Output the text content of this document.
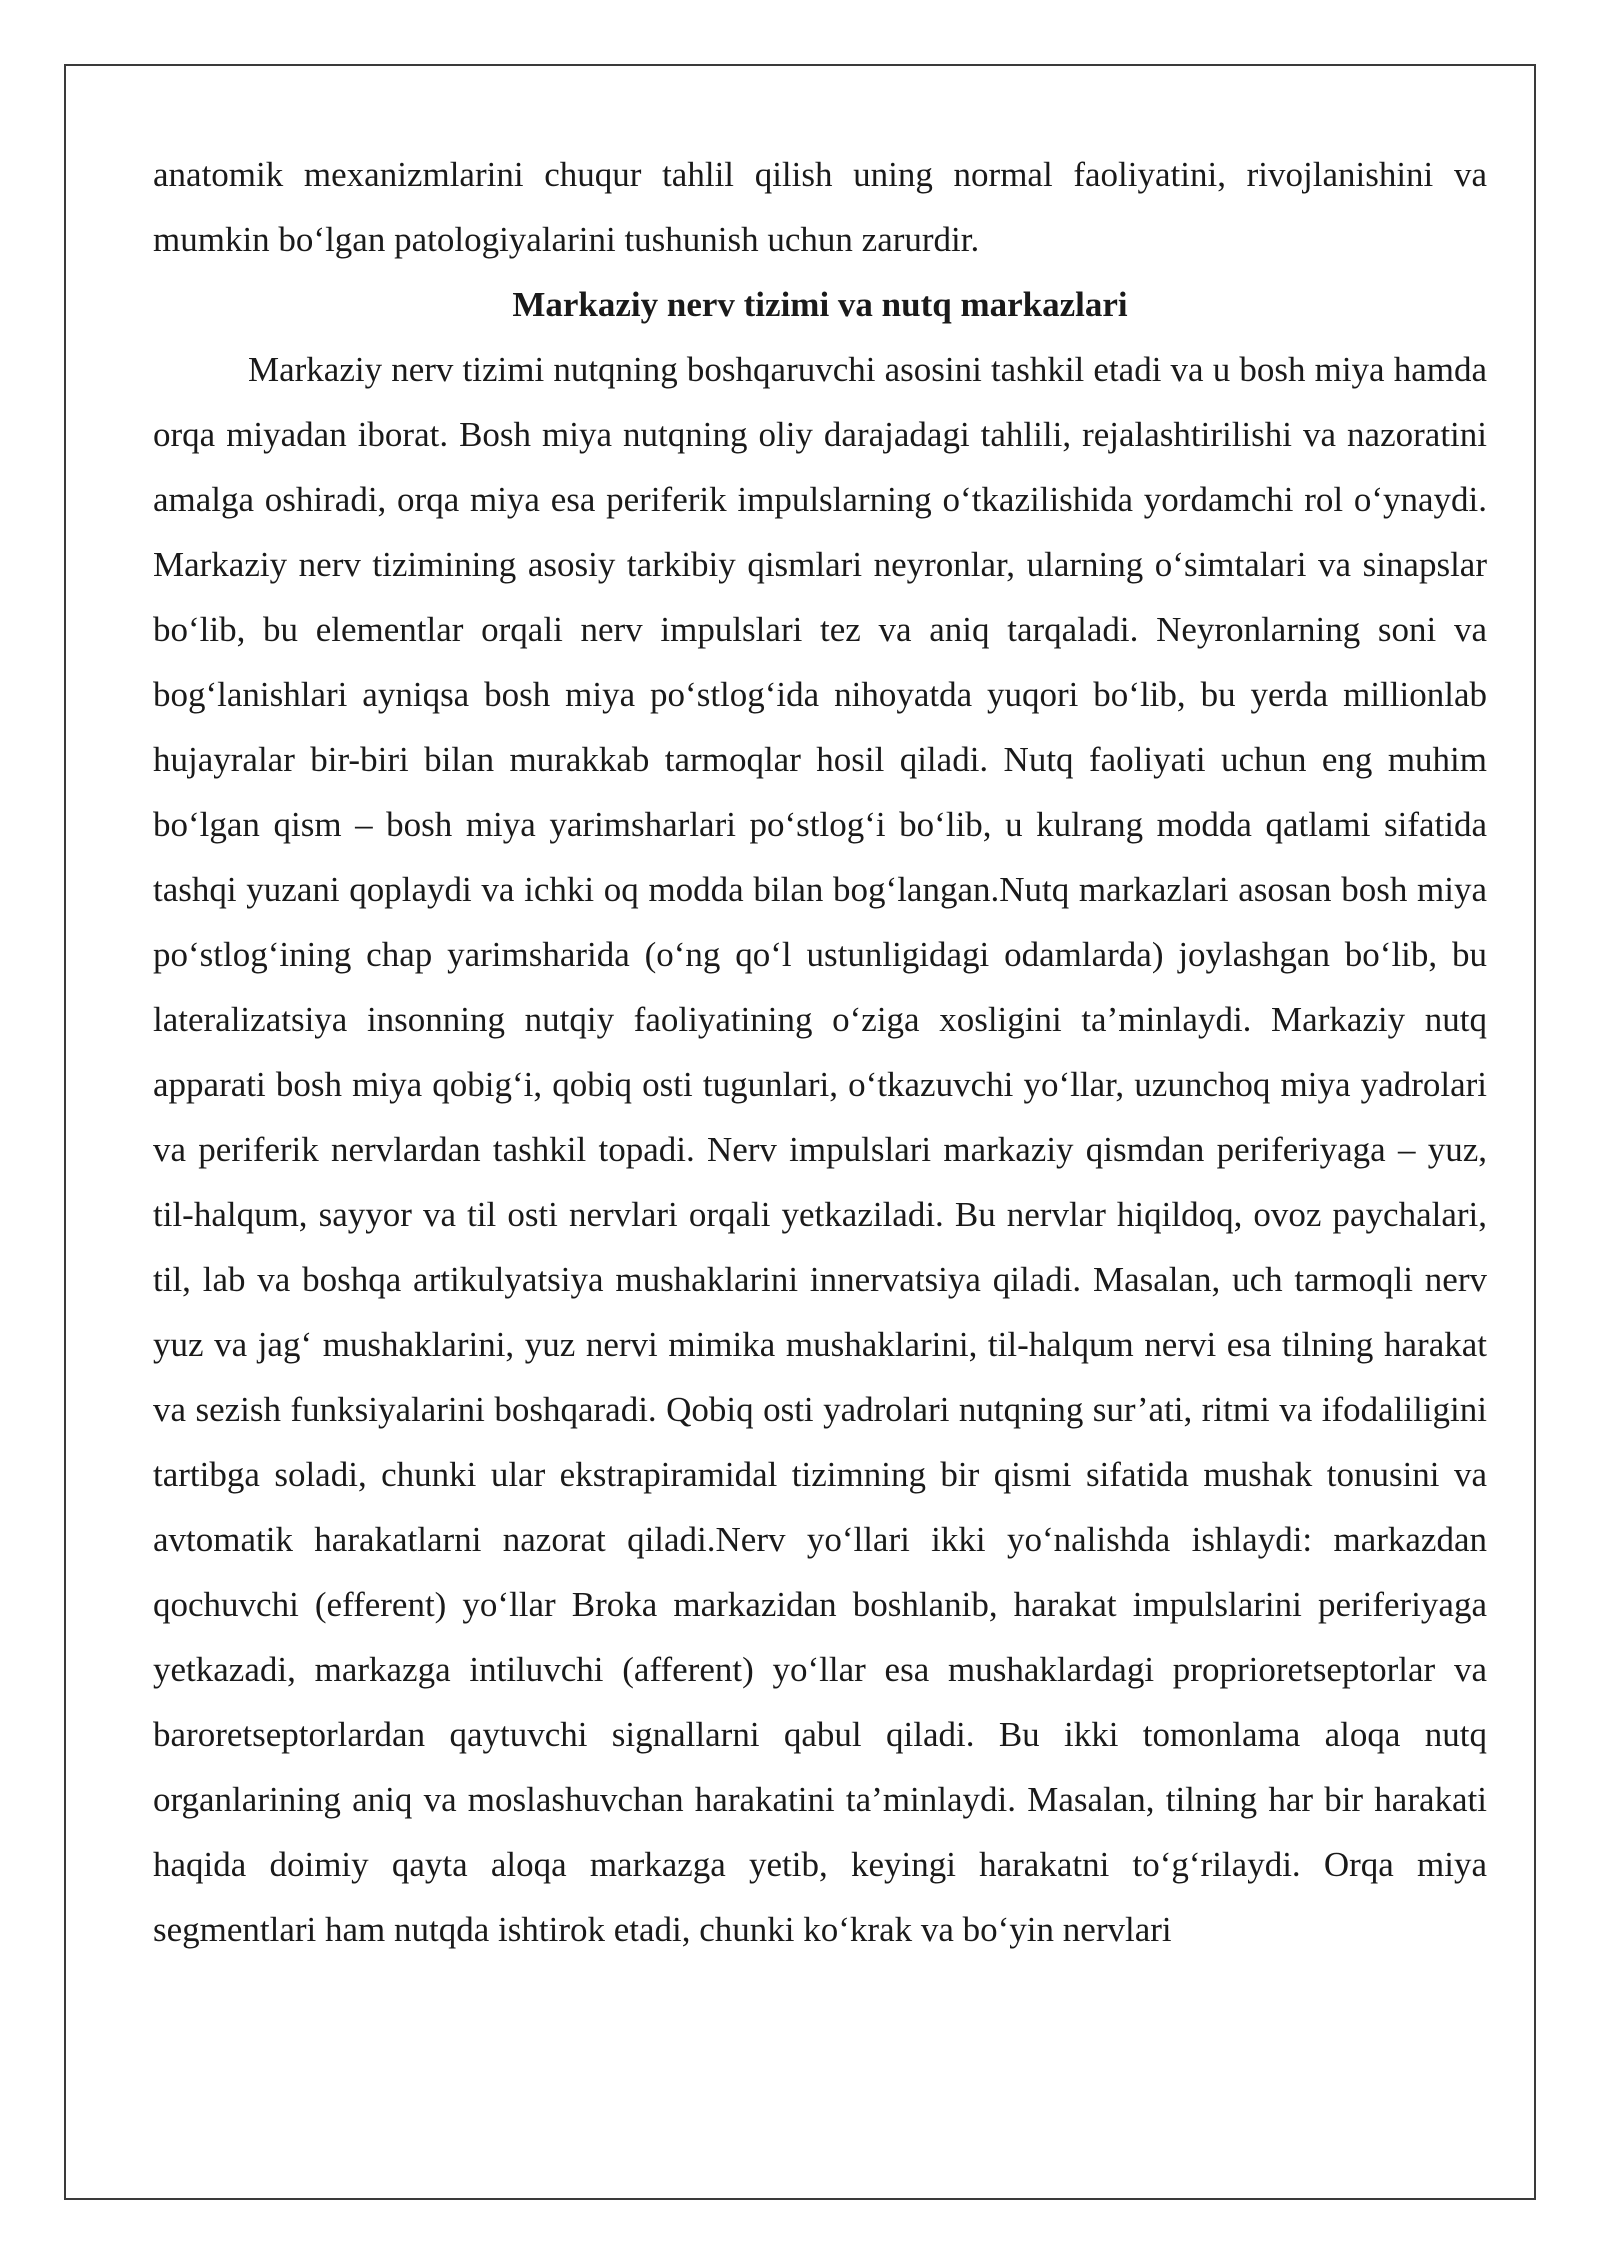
anatomik mexanizmlarini chuqur tahlil qilish uning normal faoliyatini, rivojlanishini va mumkin bo‘lgan patologiyalarini tushunish uchun zarurdir.

Markaziy nerv tizimi va nutq markazlari

Markaziy nerv tizimi nutqning boshqaruvchi asosini tashkil etadi va u bosh miya hamda orqa miyadan iborat. Bosh miya nutqning oliy darajadagi tahlili, rejalashtirilishi va nazoratini amalga oshiradi, orqa miya esa periferik impulslarning o‘tkazilishida yordamchi rol o‘ynaydi. Markaziy nerv tizimining asosiy tarkibiy qismlari neyronlar, ularning o‘simtalari va sinapslar bo‘lib, bu elementlar orqali nerv impulslari tez va aniq tarqaladi. Neyronlarning soni va bog‘lanishlari ayniqsa bosh miya po‘stlog‘ida nihoyatda yuqori bo‘lib, bu yerda millionlab hujayralar bir-biri bilan murakkab tarmoqlar hosil qiladi. Nutq faoliyati uchun eng muhim bo‘lgan qism – bosh miya yarimsharlari po‘stlog‘i bo‘lib, u kulrang modda qatlami sifatida tashqi yuzani qoplaydi va ichki oq modda bilan bog‘langan.Nutq markazlari asosan bosh miya po‘stlog‘ining chap yarimsharida (o‘ng qo‘l ustunligidagi odamlarda) joylashgan bo‘lib, bu lateralizatsiya insonning nutqiy faoliyatining o‘ziga xosligini ta’minlaydi. Markaziy nutq apparati bosh miya qobig‘i, qobiq osti tugunlari, o‘tkazuvchi yo‘llar, uzunchoq miya yadrolari va periferik nervlardan tashkil topadi. Nerv impulslari markaziy qismdan periferiyaga – yuz, til-halqum, sayyor va til osti nervlari orqali yetkaziladi. Bu nervlar hiqildoq, ovoz paychalari, til, lab va boshqa artikulyatsiya mushaklarini innervatsiya qiladi. Masalan, uch tarmoqli nerv yuz va jag‘ mushaklarini, yuz nervi mimika mushaklarini, til-halqum nervi esa tilning harakat va sezish funksiyalarini boshqaradi. Qobiq osti yadrolari nutqning sur’ati, ritmi va ifodaliligini tartibga soladi, chunki ular ekstrapiramidal tizimning bir qismi sifatida mushak tonusini va avtomatik harakatlarni nazorat qiladi.Nerv yo‘llari ikki yo‘nalishda ishlaydi: markazdan qochuvchi (efferent) yo‘llar Broka markazidan boshlanib, harakat impulslarini periferiyaga yetkazadi, markazga intiluvchi (afferent) yo‘llar esa mushaklardagi proprioretseptorlar va baroretseptorlardan qaytuvchi signallarni qabul qiladi. Bu ikki tomonlama aloqa nutq organlarining aniq va moslashuvchan harakatini ta’minlaydi. Masalan, tilning har bir harakati haqida doimiy qayta aloqa markazga yetib, keyingi harakatni to‘g‘rilaydi. Orqa miya segmentlari ham nutqda ishtirok etadi, chunki ko‘krak va bo‘yin nervlari
